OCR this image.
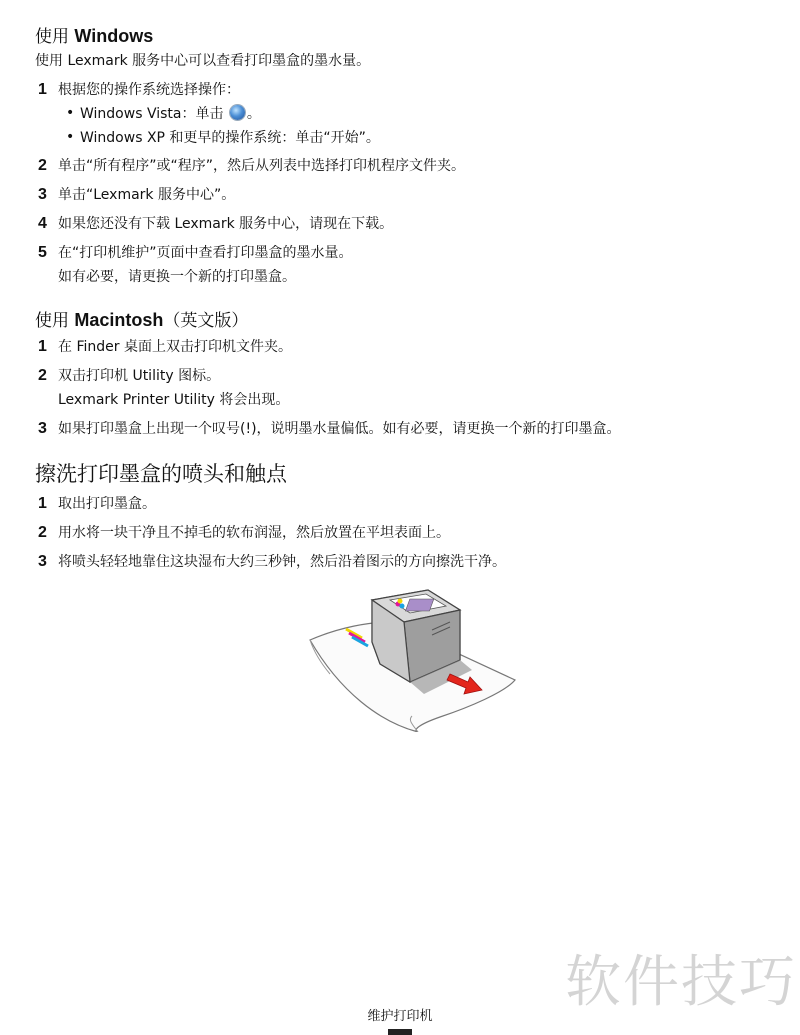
使用 Windows
使用 Lexmark 服务中心可以查看打印墨盒的墨水量。
1 根据您的操作系统选择操作：
• Windows Vista：单击 。
• Windows XP 和更早的操作系统：单击“开始”。
2 单击“所有程序”或“程序”，然后从列表中选择打印机程序文件夹。
3 单击“Lexmark 服务中心”。
4 如果您还没有下载 Lexmark 服务中心，请现在下载。
5 在“打印机维护”页面中查看打印墨盒的墨水量。
如有必要，请更换一个新的打印墨盒。
使用 Macintosh（英文版）
1 在 Finder 桌面上双击打印机文件夹。
2 双击打印机 Utility 图标。
Lexmark Printer Utility 将会出现。
3 如果打印墨盒上出现一个叹号(!)，说明墨水量偏低。如有必要，请更换一个新的打印墨盒。
擦洗打印墨盒的喷头和触点
1 取出打印墨盒。
2 用水将一块干净且不掉毛的软布润湿，然后放置在平坦表面上。
3 将喷头轻轻地靠住这块湿布大约三秒钟，然后沿着图示的方向擦洗干净。
软件技巧
维护打印机
